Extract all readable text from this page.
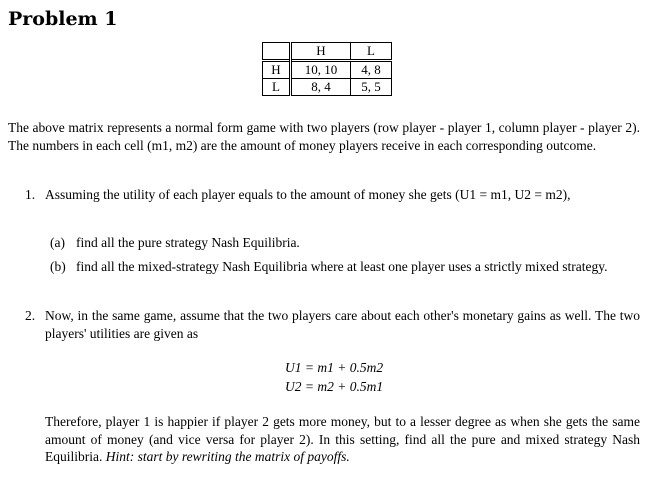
Problem 1
	H	L
H	10, 10	4, 8
L	8, 4	5, 5
The above matrix represents a normal form game with two players (row player - player 1, column player - player 2). The numbers in each cell (m1, m2) are the amount of money players receive in each corresponding outcome.
1. Assuming the utility of each player equals to the amount of money she gets (U1 = m1, U2 = m2),
(a) find all the pure strategy Nash Equilibria.
(b) find all the mixed-strategy Nash Equilibria where at least one player uses a strictly mixed strategy.
2. Now, in the same game, assume that the two players care about each other's monetary gains as well. The two players' utilities are given as
U1 = m1 + 0.5m2
U2 = m2 + 0.5m1
Therefore, player 1 is happier if player 2 gets more money, but to a lesser degree as when she gets the same amount of money (and vice versa for player 2). In this setting, find all the pure and mixed strategy Nash Equilibria. Hint: start by rewriting the matrix of payoffs.
